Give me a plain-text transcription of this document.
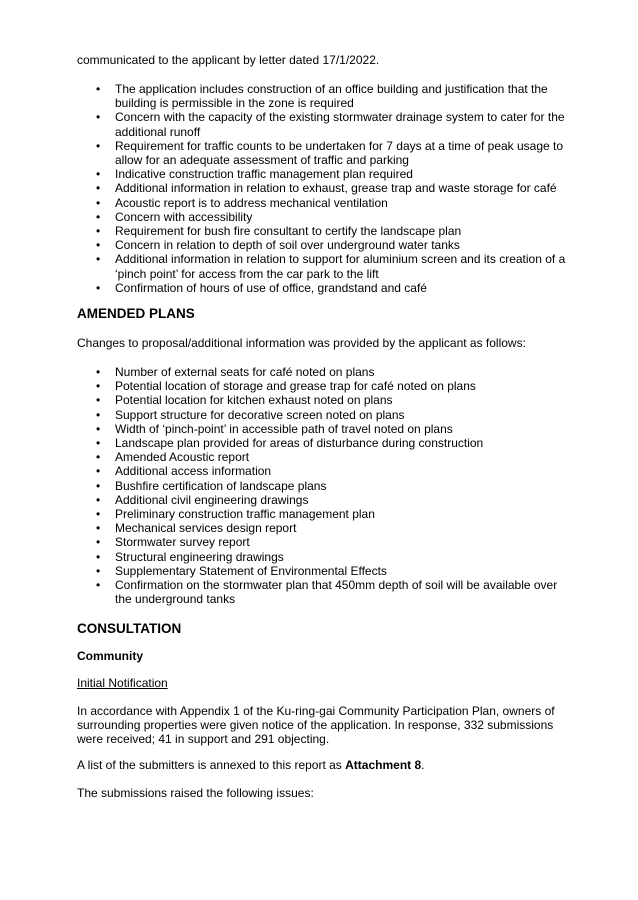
communicated to the applicant by letter dated 17/1/2022.

• The application includes construction of an office building and justification that the building is permissible in the zone is required
• Concern with the capacity of the existing stormwater drainage system to cater for the additional runoff
• Requirement for traffic counts to be undertaken for 7 days at a time of peak usage to allow for an adequate assessment of traffic and parking
• Indicative construction traffic management plan required
• Additional information in relation to exhaust, grease trap and waste storage for café
• Acoustic report is to address mechanical ventilation
• Concern with accessibility
• Requirement for bush fire consultant to certify the landscape plan
• Concern in relation to depth of soil over underground water tanks
• Additional information in relation to support for aluminium screen and its creation of a ‘pinch point’ for access from the car park to the lift
• Confirmation of hours of use of office, grandstand and café
AMENDED PLANS

Changes to proposal/additional information was provided by the applicant as follows:

• Number of external seats for café noted on plans
• Potential location of storage and grease trap for café noted on plans
• Potential location for kitchen exhaust noted on plans
• Support structure for decorative screen noted on plans
• Width of ‘pinch-point’ in accessible path of travel noted on plans
• Landscape plan provided for areas of disturbance during construction
• Amended Acoustic report
• Additional access information
• Bushfire certification of landscape plans
• Additional civil engineering drawings
• Preliminary construction traffic management plan
• Mechanical services design report
• Stormwater survey report
• Structural engineering drawings
• Supplementary Statement of Environmental Effects
• Confirmation on the stormwater plan that 450mm depth of soil will be available over the underground tanks
CONSULTATION
Community

Initial Notification

In accordance with Appendix 1 of the Ku-ring-gai Community Participation Plan, owners of surrounding properties were given notice of the application. In response, 332 submissions were received; 41 in support and 291 objecting.

A list of the submitters is annexed to this report as Attachment 8.

The submissions raised the following issues:
